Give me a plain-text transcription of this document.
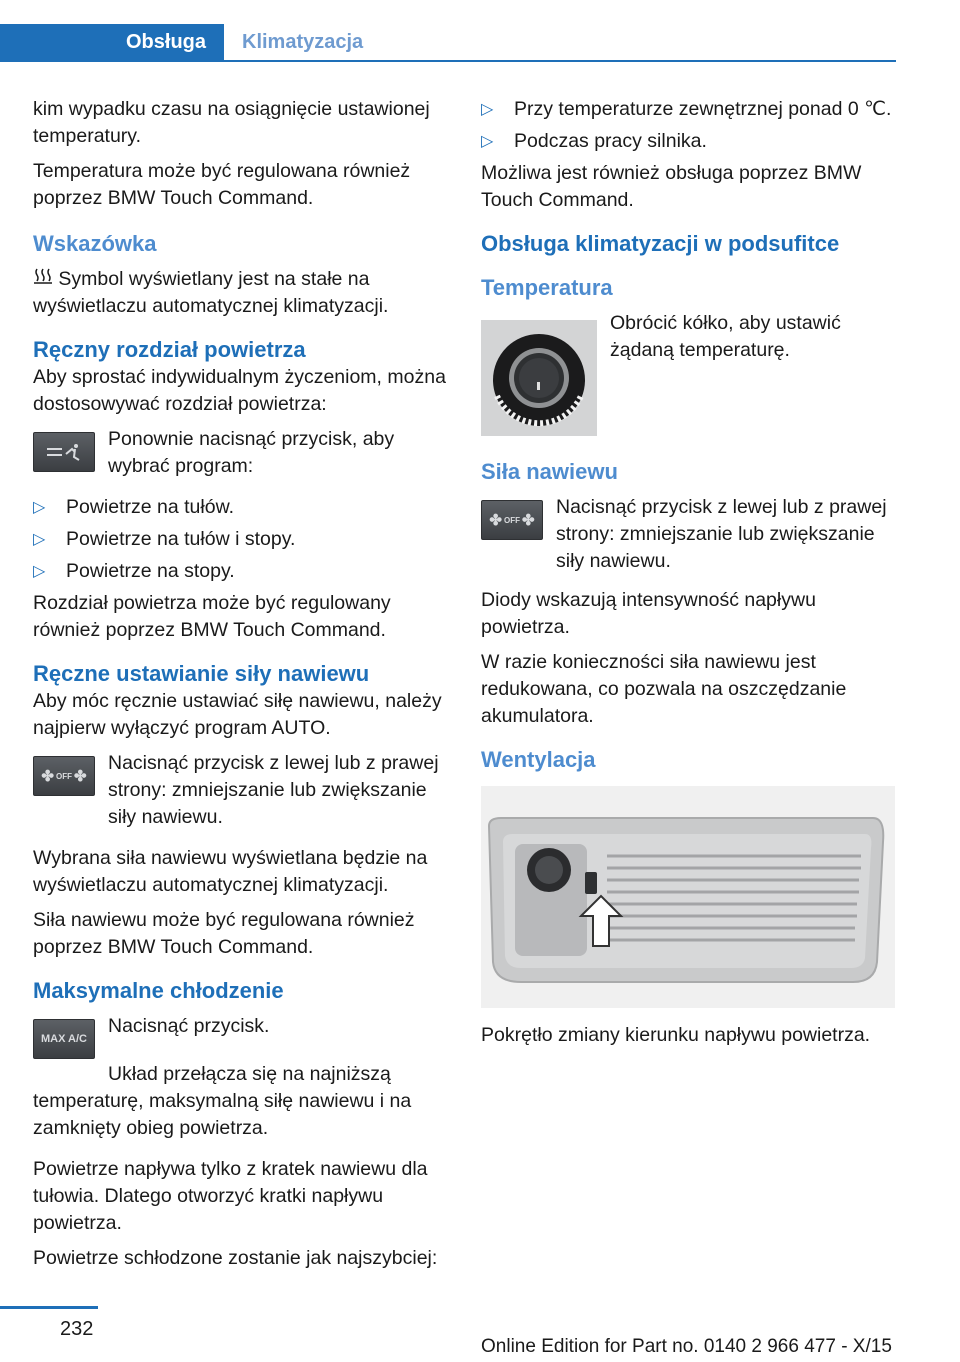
Obsługa	Klimatyzacja

kim wypadku czasu na osiągnięcie ustawionej temperatury.

Temperatura może być regulowana również poprzez BMW Touch Command.

Wskazówka

Symbol wyświetlany jest na stałe na wyświetlaczu automatycznej klimatyzacji.

Ręczny rozdział powietrza

Aby sprostać indywidualnym życzeniom, można dostosowywać rozdział powietrza:

Ponownie nacisnąć przycisk, aby wybrać program:

▷ Powietrze na tułów.

▷ Powietrze na tułów i stopy.

▷ Powietrze na stopy.

Rozdział powietrza może być regulowany również poprzez BMW Touch Command.

Ręczne ustawianie siły nawiewu

Aby móc ręcznie ustawiać siłę nawiewu, należy najpierw wyłączyć program AUTO.

✤ OFF ✤

Nacisnąć przycisk z lewej lub z prawej strony: zmniejszanie lub zwiększanie siły nawiewu.

Wybrana siła nawiewu wyświetlana będzie na wyświetlaczu automatycznej klimatyzacji.

Siła nawiewu może być regulowana również poprzez BMW Touch Command.

Maksymalne chłodzenie
MAX A/C

Nacisnąć przycisk.

Układ przełącza się na najniższą temperaturę, maksymalną siłę nawiewu i na zamknięty obieg powietrza.

Powietrze napływa tylko z kratek nawiewu dla tułowia. Dlatego otworzyć kratki napływu powietrza.

Powietrze schłodzone zostanie jak najszybciej:

▷ Przy temperaturze zewnętrznej ponad 0 ℃.

▷ Podczas pracy silnika.

Możliwa jest również obsługa poprzez BMW Touch Command.

Obsługa klimatyzacji w podsufitce
Temperatura

Obrócić kółko, aby ustawić żądaną temperaturę.

Siła nawiewu
✤ OFF ✤

Nacisnąć przycisk z lewej lub z prawej strony: zmniejszanie lub zwiększanie siły nawiewu.

Diody wskazują intensywność napływu powietrza.

W razie konieczności siła nawiewu jest redukowana, co pozwala na oszczędzanie akumulatora.

Wentylacja

Pokrętło zmiany kierunku napływu powietrza.

232
Online Edition for Part no. 0140 2 966 477 - X/15
